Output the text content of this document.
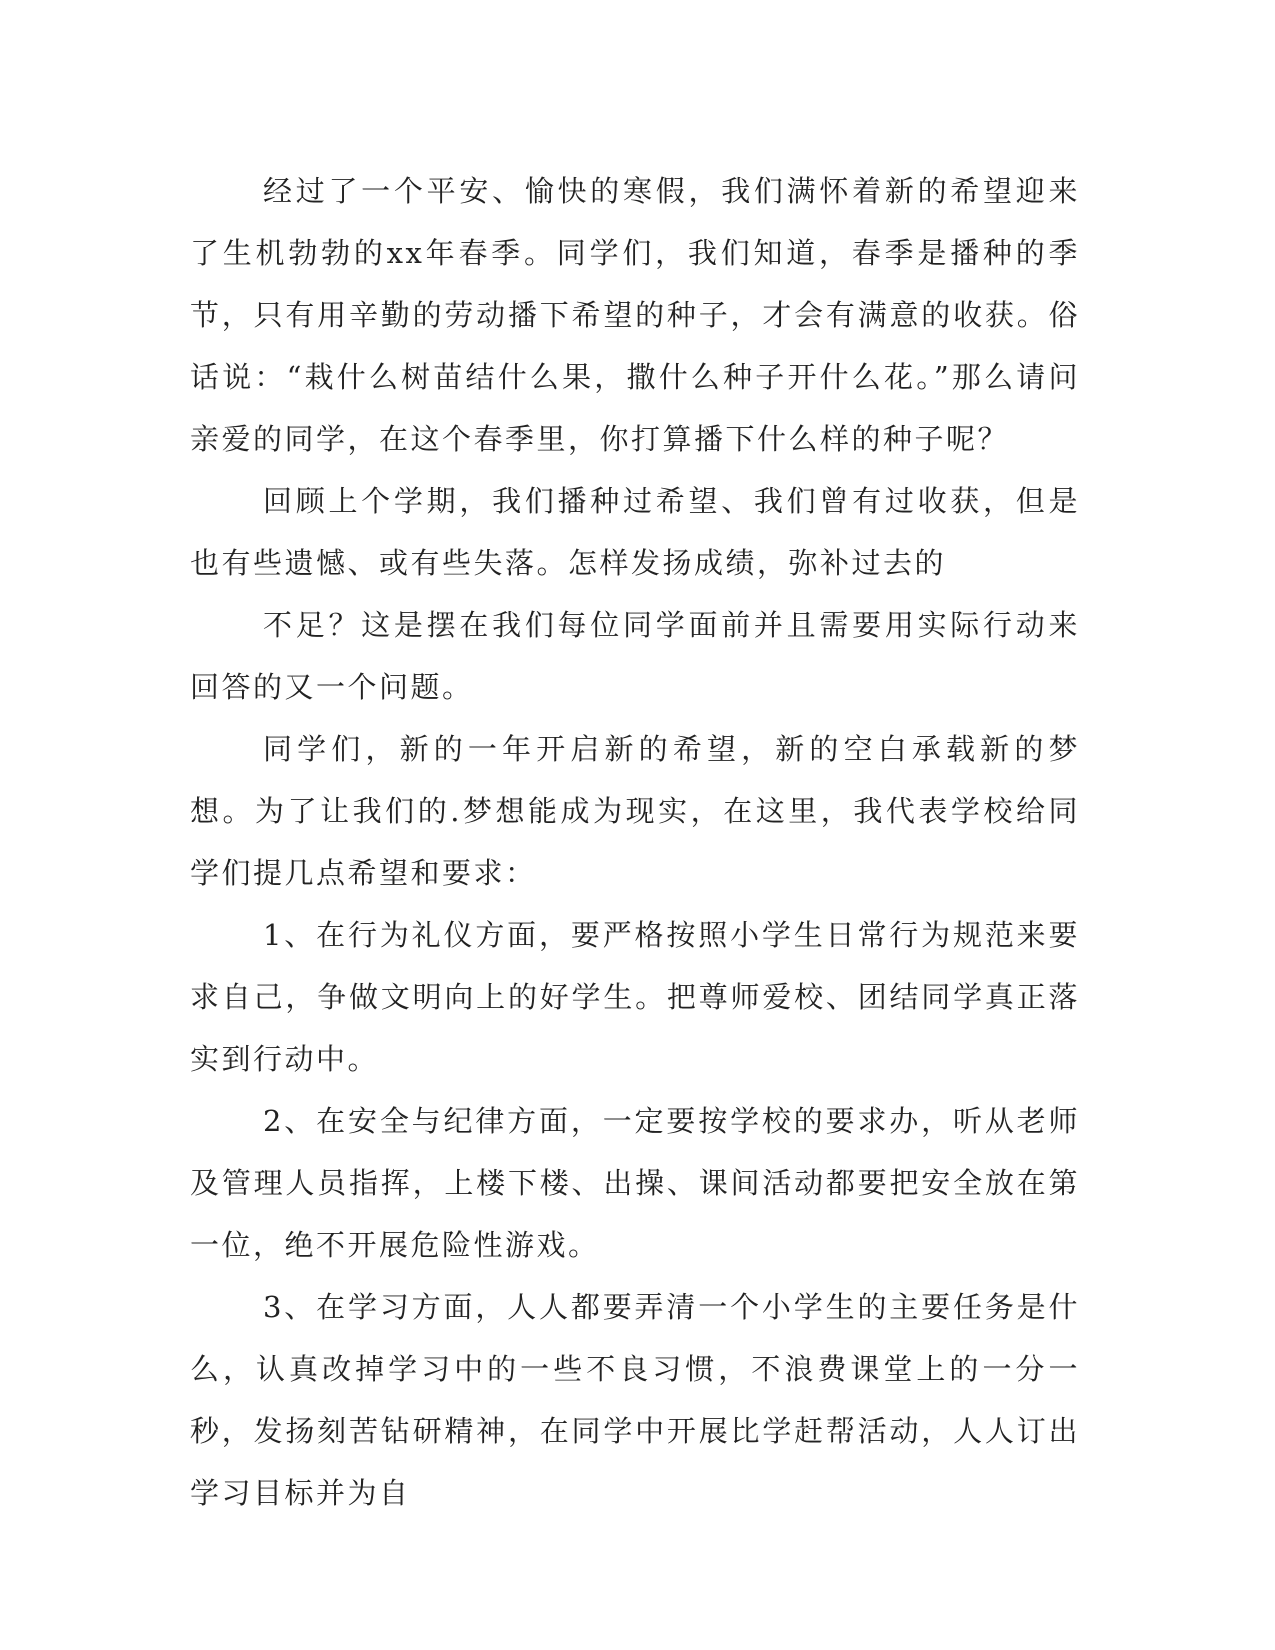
经过了一个平安、愉快的寒假，我们满怀着新的希望迎来了生机勃勃的xx年春季。同学们，我们知道，春季是播种的季节，只有用辛勤的劳动播下希望的种子，才会有满意的收获。俗话说：“栽什么树苗结什么果，撒什么种子开什么花。”那么请问亲爱的同学，在这个春季里，你打算播下什么样的种子呢？

回顾上个学期，我们播种过希望、我们曾有过收获，但是也有些遗憾、或有些失落。怎样发扬成绩，弥补过去的

不足？这是摆在我们每位同学面前并且需要用实际行动来回答的又一个问题。

同学们，新的一年开启新的希望，新的空白承载新的梦想。为了让我们的.梦想能成为现实，在这里，我代表学校给同学们提几点希望和要求：

1、在行为礼仪方面，要严格按照小学生日常行为规范来要求自己，争做文明向上的好学生。把尊师爱校、团结同学真正落实到行动中。

2、在安全与纪律方面，一定要按学校的要求办，听从老师及管理人员指挥，上楼下楼、出操、课间活动都要把安全放在第一位，绝不开展危险性游戏。

3、在学习方面，人人都要弄清一个小学生的主要任务是什么，认真改掉学习中的一些不良习惯，不浪费课堂上的一分一秒，发扬刻苦钻研精神，在同学中开展比学赶帮活动，人人订出学习目标并为自
